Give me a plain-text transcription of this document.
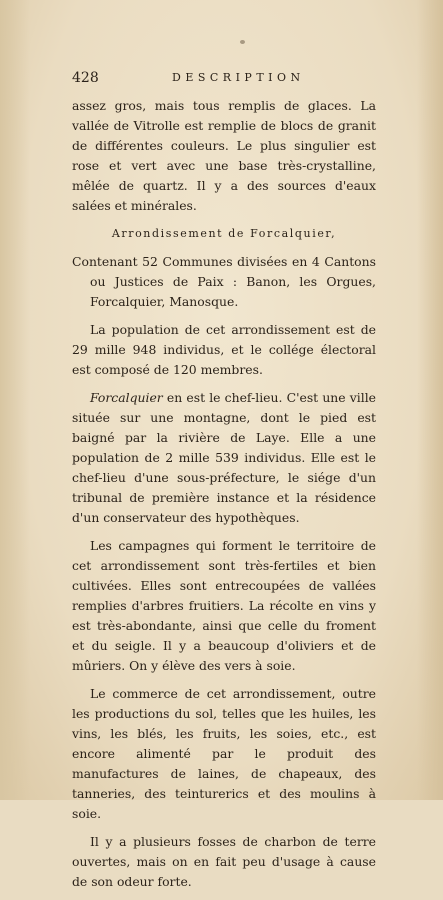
428	DESCRIPTION

assez gros, mais tous remplis de glaces. La vallée de Vitrolle est remplie de blocs de granit de différentes couleurs. Le plus singulier est rose et vert avec une base très-crystalline, mêlée de quartz. Il y a des sources d'eaux salées et minérales.

Arrondissement de Forcalquier,

Contenant 52 Communes divisées en 4 Cantons ou Justices de Paix : Banon, les Orgues, Forcalquier, Manosque.

La population de cet arrondissement est de 29 mille 948 individus, et le collége électoral est composé de 120 membres.

Forcalquier en est le chef-lieu. C'est une ville située sur une montagne, dont le pied est baigné par la rivière de Laye. Elle a une population de 2 mille 539 individus. Elle est le chef-lieu d'une sous-préfecture, le siége d'un tribunal de première instance et la résidence d'un conservateur des hypothèques.

Les campagnes qui forment le territoire de cet arrondissement sont très-fertiles et bien cultivées. Elles sont entrecoupées de vallées remplies d'arbres fruitiers. La récolte en vins y est très-abondante, ainsi que celle du froment et du seigle. Il y a beaucoup d'oliviers et de mûriers. On y élève des vers à soie.

Le commerce de cet arrondissement, outre les productions du sol, telles que les huiles, les vins, les blés, les fruits, les soies, etc., est encore alimenté par le produit des manufactures de laines, de chapeaux, des tanneries, des teinturerics et des moulins à soie.

Il y a plusieurs fosses de charbon de terre ouvertes, mais on en fait peu d'usage à cause de son odeur forte.
